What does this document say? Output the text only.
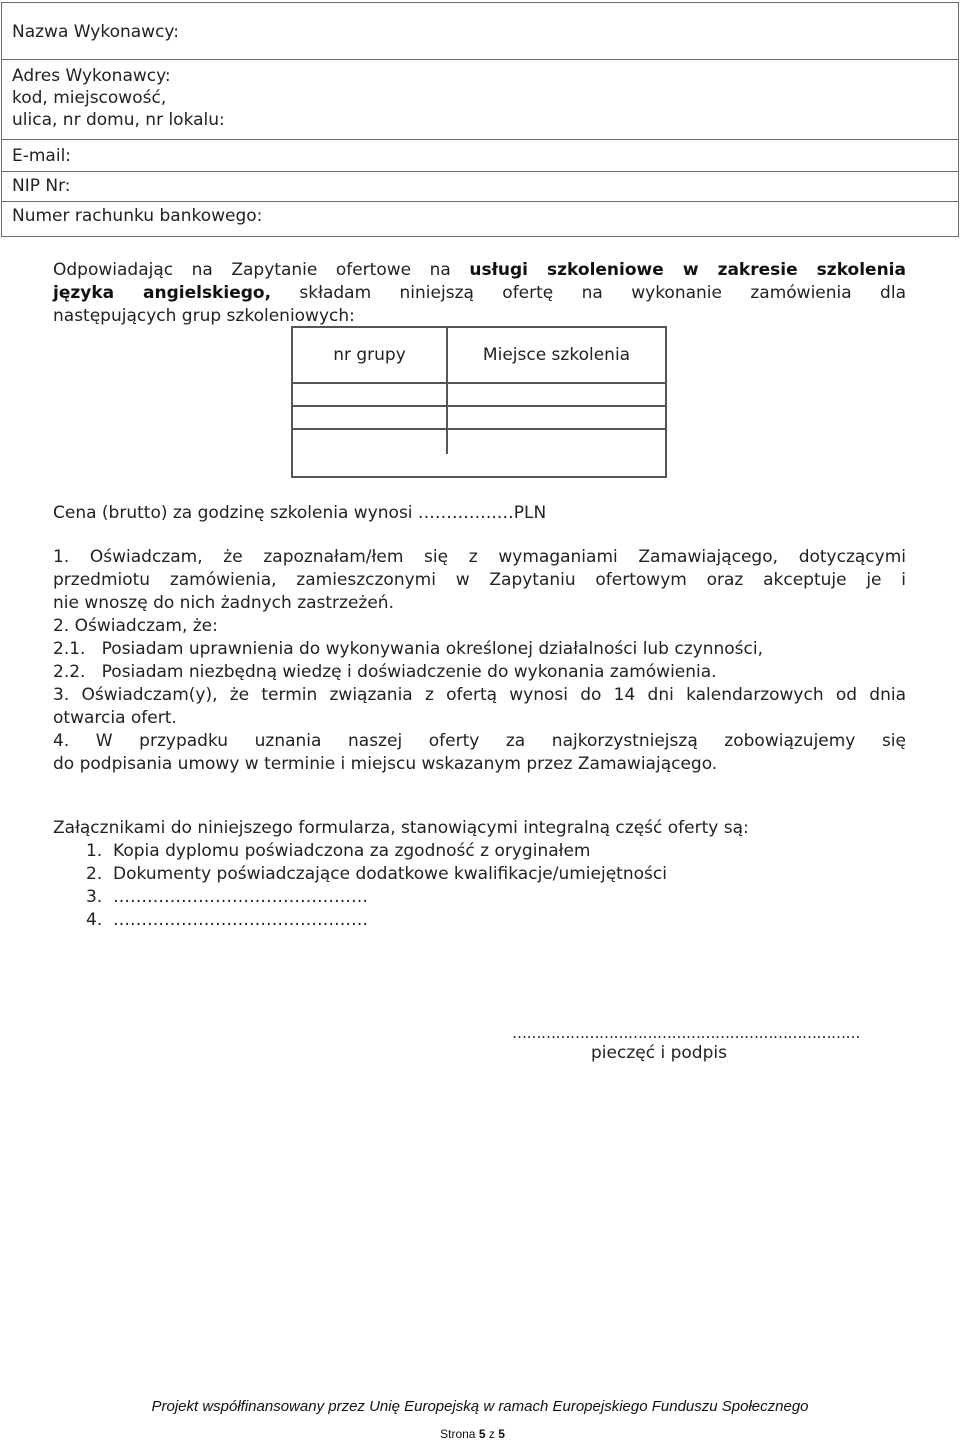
Nazwa Wykonawcy:
Adres Wykonawcy:
kod, miejscowość,
ulica, nr domu, nr lokalu:
E-mail:
NIP Nr:
Numer rachunku bankowego:
Odpowiadając na Zapytanie ofertowe na usługi szkoleniowe w zakresie szkolenia
języka angielskiego, składam niniejszą ofertę na wykonanie zamówienia dla
następujących grup szkoleniowych:
nr grupy	Miejsce szkolenia
Cena (brutto) za godzinę szkolenia wynosi …………..…PLN
1. Oświadczam, że zapoznałam/łem się z wymaganiami Zamawiającego, dotyczącymi
przedmiotu zamówienia, zamieszczonymi w Zapytaniu ofertowym oraz akceptuje je i
nie wnoszę do nich żadnych zastrzeżeń.
2. Oświadczam, że:
2.1.   Posiadam uprawnienia do wykonywania określonej działalności lub czynności,
2.2.   Posiadam niezbędną wiedzę i doświadczenie do wykonania zamówienia.
3. Oświadczam(y), że termin związania z ofertą wynosi do 14 dni kalendarzowych od dnia
otwarcia ofert.
4. W przypadku uznania naszej oferty za najkorzystniejszą zobowiązujemy się
do podpisania umowy w terminie i miejscu wskazanym przez Zamawiającego.
Załącznikami do niniejszego formularza, stanowiącymi integralną część oferty są:
1.  Kopia dyplomu poświadczona za zgodność z oryginałem
2.  Dokumenty poświadczające dodatkowe kwalifikacje/umiejętności
3.  ………………………………………
4.  ………………………………………
………………………………………………………………
pieczęć i podpis
Projekt współfinansowany przez Unię Europejską w ramach Europejskiego Funduszu Społecznego
Strona 5 z 5
